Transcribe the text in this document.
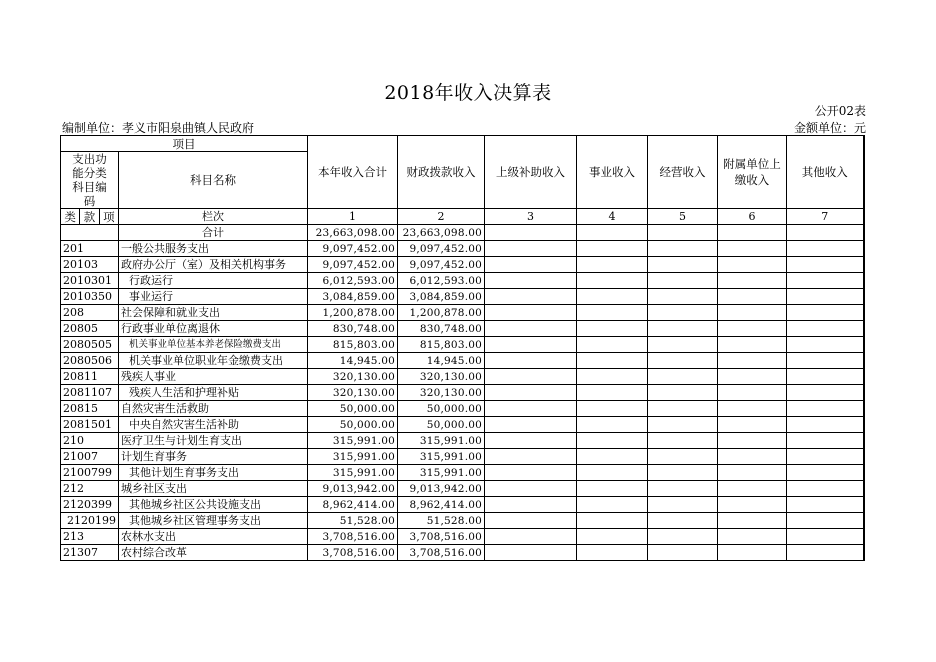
2018年收入决算表
公开02表
编制单位：孝义市阳泉曲镇人民政府	金额单位：元
项目				本年收入合计	财政拨款收入	上级补助收入	事业收入	经营收入	附属单位上缴收入	其他收入
支出功能分类科目编码			科目名称							
类	款	项								
			栏次	1	2	3	4	5	6	7
			合计	23,663,098.00	23,663,098.00					
201			一般公共服务支出	9,097,452.00	9,097,452.00					
20103			政府办公厅（室）及相关机构事务	9,097,452.00	9,097,452.00					
2010301			行政运行	6,012,593.00	6,012,593.00					
2010350			事业运行	3,084,859.00	3,084,859.00					
208			社会保障和就业支出	1,200,878.00	1,200,878.00					
20805			行政事业单位离退休	830,748.00	830,748.00					
2080505			机关事业单位基本养老保险缴费支出	815,803.00	815,803.00					
2080506			机关事业单位职业年金缴费支出	14,945.00	14,945.00					
20811			残疾人事业	320,130.00	320,130.00					
2081107			残疾人生活和护理补贴	320,130.00	320,130.00					
20815			自然灾害生活救助	50,000.00	50,000.00					
2081501			中央自然灾害生活补助	50,000.00	50,000.00					
210			医疗卫生与计划生育支出	315,991.00	315,991.00					
21007			计划生育事务	315,991.00	315,991.00					
2100799			其他计划生育事务支出	315,991.00	315,991.00					
212			城乡社区支出	9,013,942.00	9,013,942.00					
2120399			其他城乡社区公共设施支出	8,962,414.00	8,962,414.00					
2120199			其他城乡社区管理事务支出	51,528.00	51,528.00					
213			农林水支出	3,708,516.00	3,708,516.00					
21307			农村综合改革	3,708,516.00	3,708,516.00					
